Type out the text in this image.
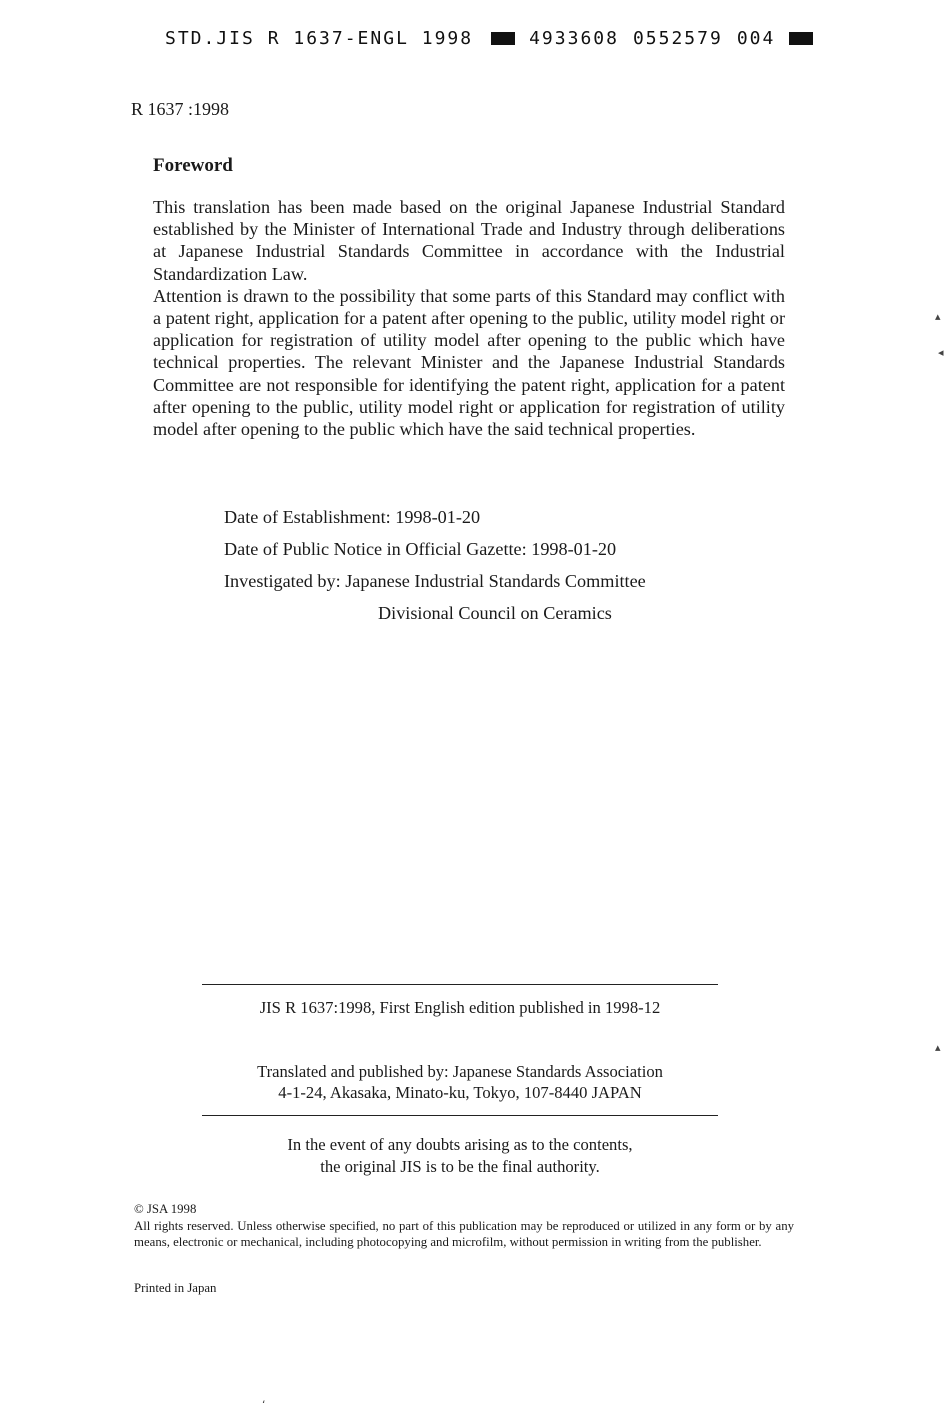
STD.JIS R 1637-ENGL 1998	4933608 0552579 004
R 1637 :1998
Foreword

This translation has been made based on the original Japanese Industrial Standard established by the Minister of International Trade and Industry through deliberations at Japanese Industrial Standards Committee in accordance with the Industrial Standardization Law.

Attention is drawn to the possibility that some parts of this Standard may conflict with a patent right, application for a patent after opening to the public, utility model right or application for registration of utility model after opening to the public which have technical properties. The relevant Minister and the Japanese Industrial Standards Committee are not responsible for identifying the patent right, application for a patent after opening to the public, utility model right or application for registration of utility model after opening to the public which have the said technical properties.

Date of Establishment: 1998-01-20
Date of Public Notice in Official Gazette: 1998-01-20
Investigated by: Japanese Industrial Standards Committee
Divisional Council on Ceramics
JIS R 1637:1998, First English edition published in 1998-12
Translated and published by: Japanese Standards Association
4-1-24, Akasaka, Minato-ku, Tokyo, 107-8440 JAPAN
In the event of any doubts arising as to the contents,
the original JIS is to be the final authority.
© JSA 1998
All rights reserved. Unless otherwise specified, no part of this publication may be reproduced or utilized in any form or by any means, electronic or mechanical, including photocopying and microfilm, without permission in writing from the publisher.
Printed in Japan
▴
◂
▴
ʻ
